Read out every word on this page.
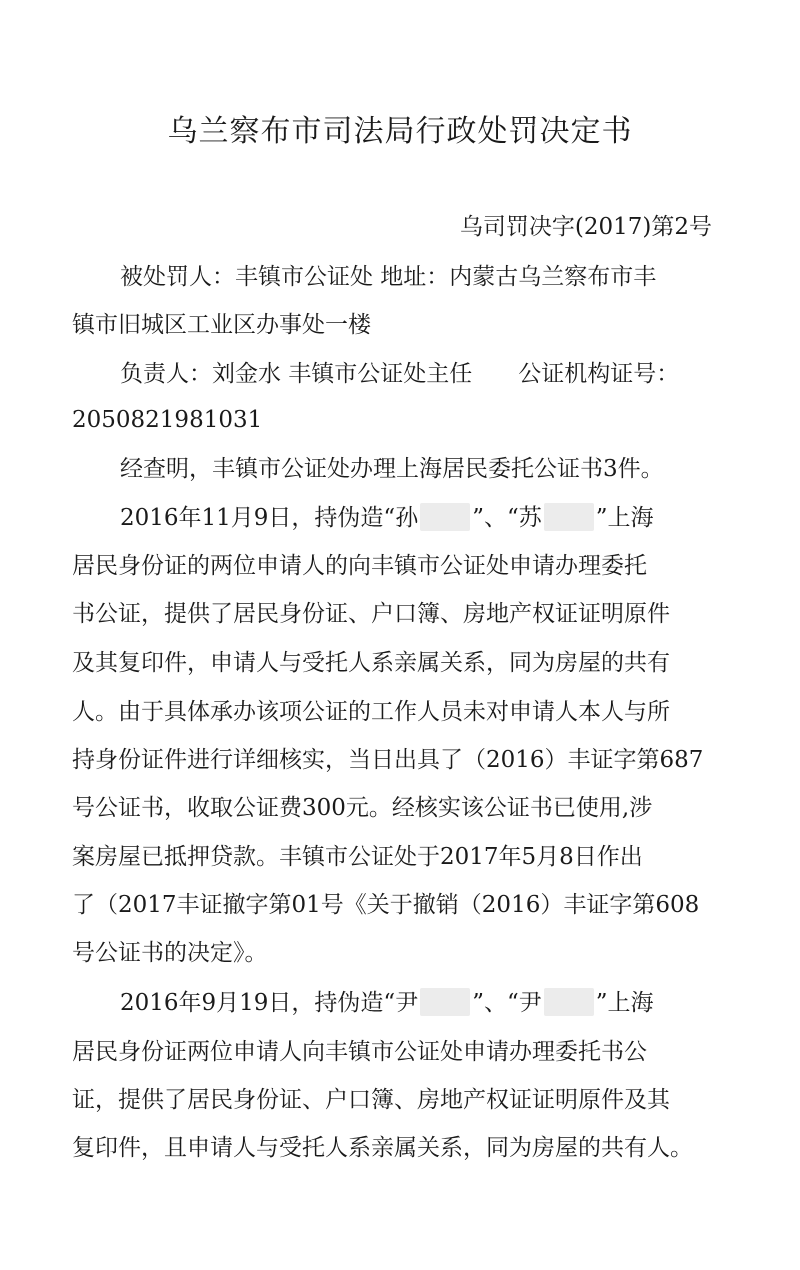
乌兰察布市司法局行政处罚决定书
乌司罚决字(2017)第2号
被处罚人：丰镇市公证处 地址：内蒙古乌兰察布市丰
镇市旧城区工业区办事处一楼
负责人：刘金水 丰镇市公证处主任　　公证机构证号：
2050821981031
经查明，丰镇市公证处办理上海居民委托公证书3件。
2016年11月9日，持伪造“孙 ”、“苏 ”上海
居民身份证的两位申请人的向丰镇市公证处申请办理委托
书公证，提供了居民身份证、户口簿、房地产权证证明原件
及其复印件，申请人与受托人系亲属关系，同为房屋的共有
人。由于具体承办该项公证的工作人员未对申请人本人与所
持身份证件进行详细核实，当日出具了（2016）丰证字第687
号公证书，收取公证费300元。经核实该公证书已使用,涉
案房屋已抵押贷款。丰镇市公证处于2017年5月8日作出
了（2017丰证撤字第01号《关于撤销（2016）丰证字第608
号公证书的决定》。
2016年9月19日，持伪造“尹 ”、“尹 ”上海
居民身份证两位申请人向丰镇市公证处申请办理委托书公
证，提供了居民身份证、户口簿、房地产权证证明原件及其
复印件，且申请人与受托人系亲属关系，同为房屋的共有人。
